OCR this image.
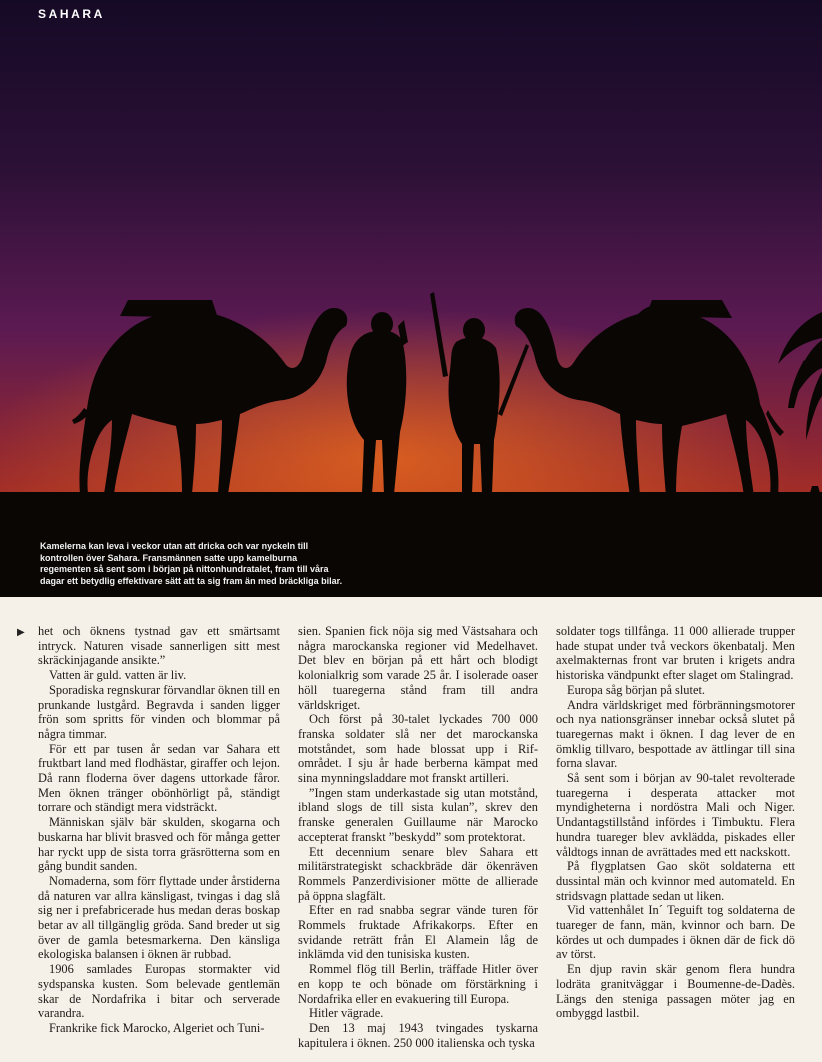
SAHARA
Kamelerna kan leva i veckor utan att dricka och var nyckeln till
kontrollen över Sahara. Fransmännen satte upp kamelburna
regementen så sent som i början på nittonhundratalet, fram till våra
dagar ett betydlig effektivare sätt att ta sig fram än med bräckliga bilar.
▶ het och öknens tystnad gav ett smärtsamt intryck. Naturen visade sannerligen sitt mest skräckinjagande ansikte.”

Vatten är guld. vatten är liv.

Sporadiska regnskurar förvandlar öknen till en prunkande lustgård. Begravda i sanden ligger frön som spritts för vinden och blommar på några timmar.

För ett par tusen år sedan var Sahara ett fruktbart land med flodhästar, giraffer och lejon. Då rann floderna över dagens uttorkade fåror. Men öknen tränger obönhörligt på, ständigt torrare och ständigt mera vidsträckt.

Människan själv bär skulden, skogarna och buskarna har blivit brasved och för många getter har ryckt upp de sista torra gräsrötterna som en gång bundit sanden.

Nomaderna, som förr flyttade under årstiderna då naturen var allra känsligast, tvingas i dag slå sig ner i prefabricerade hus medan deras boskap betar av all tillgänglig gröda. Sand breder ut sig över de gamla betesmarkerna. Den känsliga ekologiska balansen i öknen är rubbad.

1906 samlades Europas stormakter vid sydspanska kusten. Som belevade gentlemän skar de Nordafrika i bitar och serverade varandra.

Frankrike fick Marocko, Algeriet och Tuni-

sien. Spanien fick nöja sig med Västsahara och några marockanska regioner vid Medelhavet. Det blev en början på ett hårt och blodigt kolonialkrig som varade 25 år. I isolerade oaser höll tuaregerna stånd fram till andra världskriget.

Och först på 30-talet lyckades 700 000 franska soldater slå ner det marockanska motståndet, som hade blossat upp i Rif-området. I sju år hade berberna kämpat med sina mynningsladdare mot franskt artilleri.

”Ingen stam underkastade sig utan motstånd, ibland slogs de till sista kulan”, skrev den franske generalen Guillaume när Marocko accepterat franskt ”beskydd” som protektorat.

Ett decennium senare blev Sahara ett militärstrategiskt schackbräde där ökenräven Rommels Panzerdivisioner mötte de allierade på öppna slagfält.

Efter en rad snabba segrar vände turen för Rommels fruktade Afrikakorps. Efter en svidande reträtt från El Alamein låg de inklämda vid den tunisiska kusten.

Rommel flög till Berlin, träffade Hitler över en kopp te och bönade om förstärkning i Nordafrika eller en evakuering till Europa.

Hitler vägrade.

Den 13 maj 1943 tvingades tyskarna kapitulera i öknen. 250 000 italienska och tyska

soldater togs tillfånga. 11 000 allierade trupper hade stupat under två veckors ökenbatalj. Men axelmakternas front var bruten i krigets andra historiska vändpunkt efter slaget om Stalingrad.

Europa såg början på slutet.

Andra världskriget med förbränningsmotorer och nya nationsgränser innebar också slutet på tuaregernas makt i öknen. I dag lever de en ömklig tillvaro, bespottade av ättlingar till sina forna slavar.

Så sent som i början av 90-talet revolterade tuaregerna i desperata attacker mot myndigheterna i nordöstra Mali och Niger. Undantagstillstånd infördes i Timbuktu. Flera hundra tuareger blev avklädda, piskades eller våldtogs innan de avrättades med ett nackskott.

På flygplatsen Gao sköt soldaterna ett dussintal män och kvinnor med automateld. En stridsvagn plattade sedan ut liken.

Vid vattenhålet In´ Teguift tog soldaterna de tuareger de fann, män, kvinnor och barn. De kördes ut och dumpades i öknen där de fick dö av törst.

En djup ravin skär genom flera hundra lodräta granitväggar i Boumenne-de-Dadès. Längs den steniga passagen möter jag en ombyggd lastbil.
